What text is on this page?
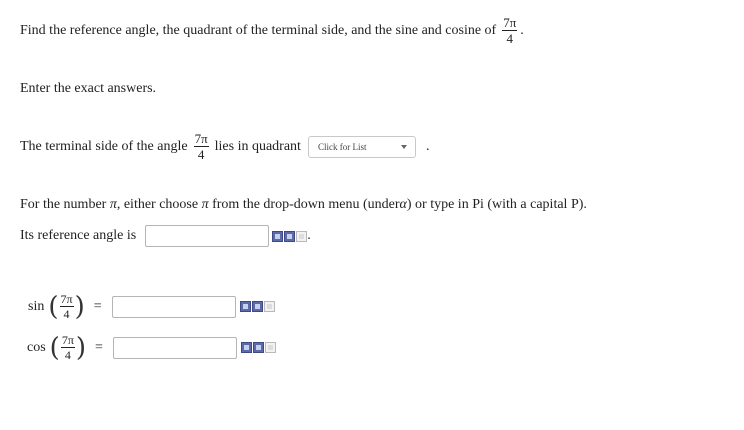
Find the reference angle, the quadrant of the terminal side, and the sine and cosine of $\frac{7\pi}{4}$ .
Enter the exact answers.
The terminal side of the angle $\frac{7\pi}{4}$ lies in quadrant Click for List	.
For the number π, either choose π from the drop-down menu (underα) or type in Pi (with a capital P).
Its reference angle is	.
sin ( $\frac{7\pi}{4}$ ) =
cos ( $\frac{7\pi}{4}$ ) =
